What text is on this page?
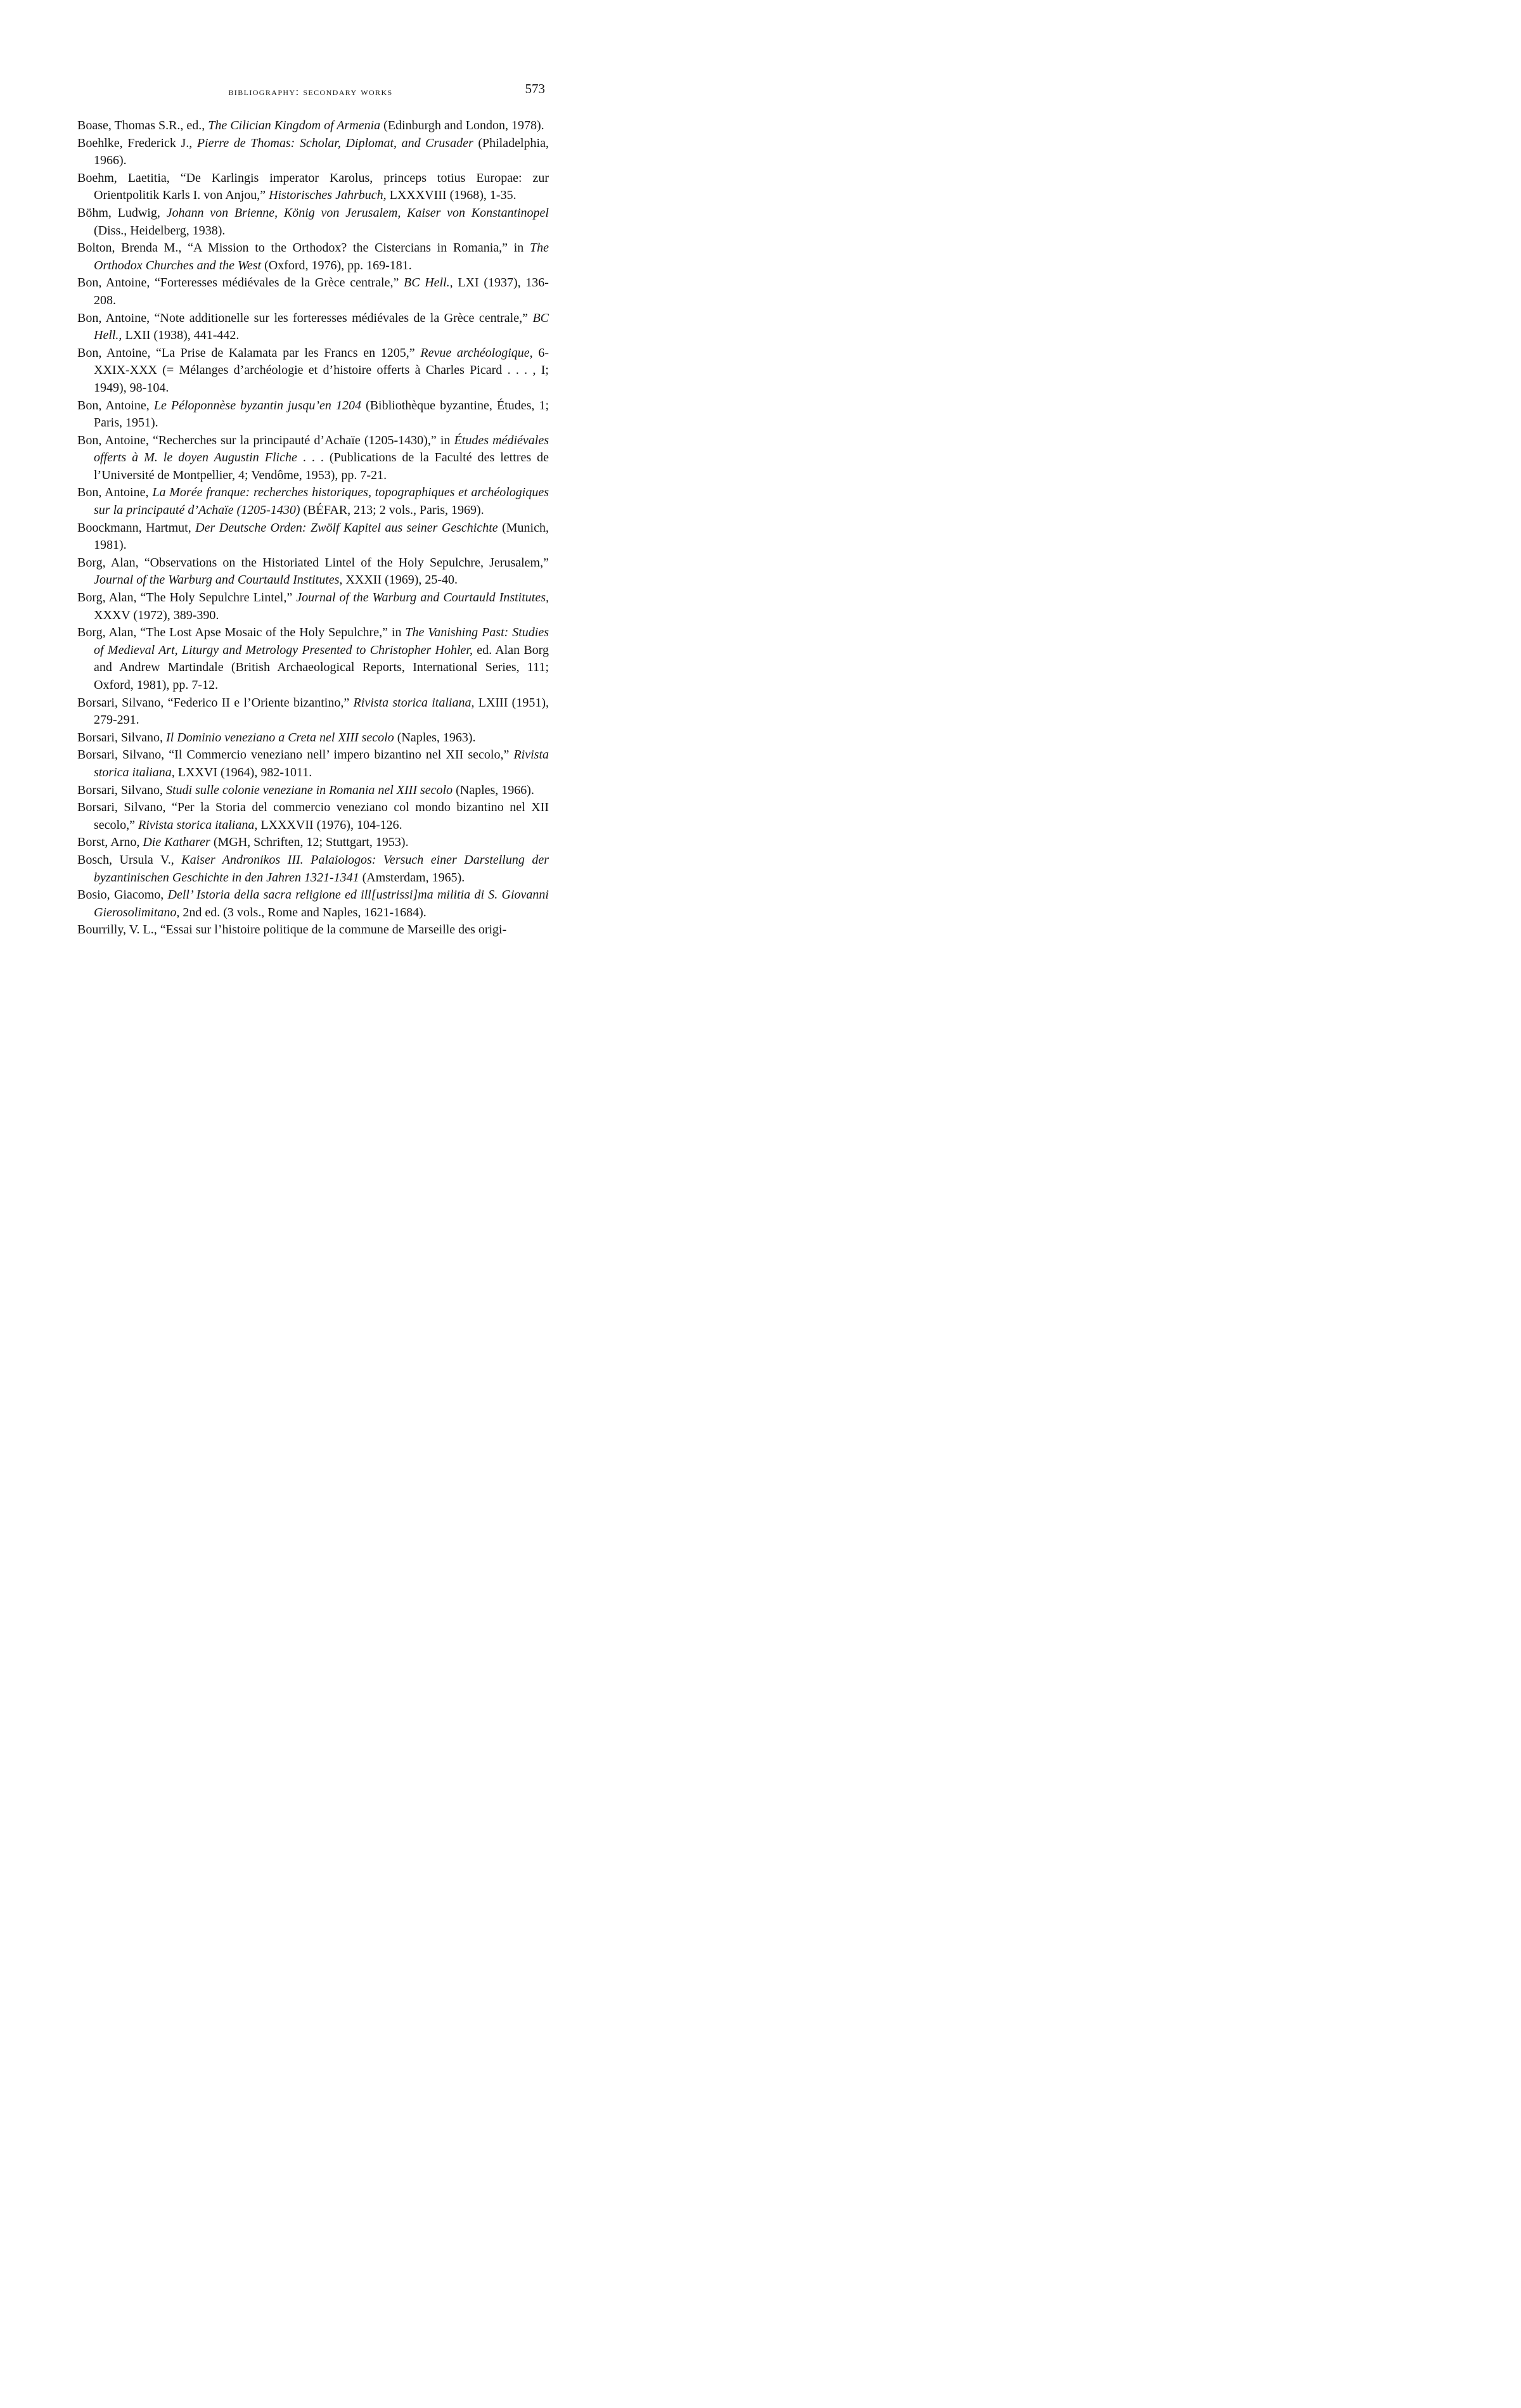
bibliography: secondary works	573
Boase, Thomas S.R., ed., The Cilician Kingdom of Armenia (Edinburgh and London, 1978).
Boehlke, Frederick J., Pierre de Thomas: Scholar, Diplomat, and Crusader (Philadelphia, 1966).
Boehm, Laetitia, “De Karlingis imperator Karolus, princeps totius Europae: zur Orientpolitik Karls I. von Anjou,” Historisches Jahrbuch, LXXXVIII (1968), 1-35.
Böhm, Ludwig, Johann von Brienne, König von Jerusalem, Kaiser von Konstantinopel (Diss., Heidelberg, 1938).
Bolton, Brenda M., “A Mission to the Orthodox? the Cistercians in Romania,” in The Orthodox Churches and the West (Oxford, 1976), pp. 169-181.
Bon, Antoine, “Forteresses médiévales de la Grèce centrale,” BC Hell., LXI (1937), 136-208.
Bon, Antoine, “Note additionelle sur les forteresses médiévales de la Grèce centrale,” BC Hell., LXII (1938), 441-442.
Bon, Antoine, “La Prise de Kalamata par les Francs en 1205,” Revue archéologique, 6-XXIX-XXX (= Mélanges d’archéologie et d’histoire offerts à Charles Picard . . . , I; 1949), 98-104.
Bon, Antoine, Le Péloponnèse byzantin jusqu’en 1204 (Bibliothèque byzantine, Études, 1; Paris, 1951).
Bon, Antoine, “Recherches sur la principauté d’Achaïe (1205-1430),” in Études médiévales offerts à M. le doyen Augustin Fliche . . . (Publications de la Faculté des lettres de l’Université de Montpellier, 4; Vendôme, 1953), pp. 7-21.
Bon, Antoine, La Morée franque: recherches historiques, topographiques et archéologiques sur la principauté d’Achaïe (1205-1430) (BÉFAR, 213; 2 vols., Paris, 1969).
Boockmann, Hartmut, Der Deutsche Orden: Zwölf Kapitel aus seiner Geschichte (Munich, 1981).
Borg, Alan, “Observations on the Historiated Lintel of the Holy Sepulchre, Jerusalem,” Journal of the Warburg and Courtauld Institutes, XXXII (1969), 25-40.
Borg, Alan, “The Holy Sepulchre Lintel,” Journal of the Warburg and Courtauld Institutes, XXXV (1972), 389-390.
Borg, Alan, “The Lost Apse Mosaic of the Holy Sepulchre,” in The Vanishing Past: Studies of Medieval Art, Liturgy and Metrology Presented to Christopher Hohler, ed. Alan Borg and Andrew Martindale (British Archaeological Reports, International Series, 111; Oxford, 1981), pp. 7-12.
Borsari, Silvano, “Federico II e l’Oriente bizantino,” Rivista storica italiana, LXIII (1951), 279-291.
Borsari, Silvano, Il Dominio veneziano a Creta nel XIII secolo (Naples, 1963).
Borsari, Silvano, “Il Commercio veneziano nell’ impero bizantino nel XII secolo,” Rivista storica italiana, LXXVI (1964), 982-1011.
Borsari, Silvano, Studi sulle colonie veneziane in Romania nel XIII secolo (Naples, 1966).
Borsari, Silvano, “Per la Storia del commercio veneziano col mondo bizantino nel XII secolo,” Rivista storica italiana, LXXXVII (1976), 104-126.
Borst, Arno, Die Katharer (MGH, Schriften, 12; Stuttgart, 1953).
Bosch, Ursula V., Kaiser Andronikos III. Palaiologos: Versuch einer Darstellung der byzantinischen Geschichte in den Jahren 1321-1341 (Amsterdam, 1965).
Bosio, Giacomo, Dell’ Istoria della sacra religione ed ill[ustrissi]ma militia di S. Giovanni Gierosolimitano, 2nd ed. (3 vols., Rome and Naples, 1621-1684).
Bourrilly, V. L., “Essai sur l’histoire politique de la commune de Marseille des origi-
